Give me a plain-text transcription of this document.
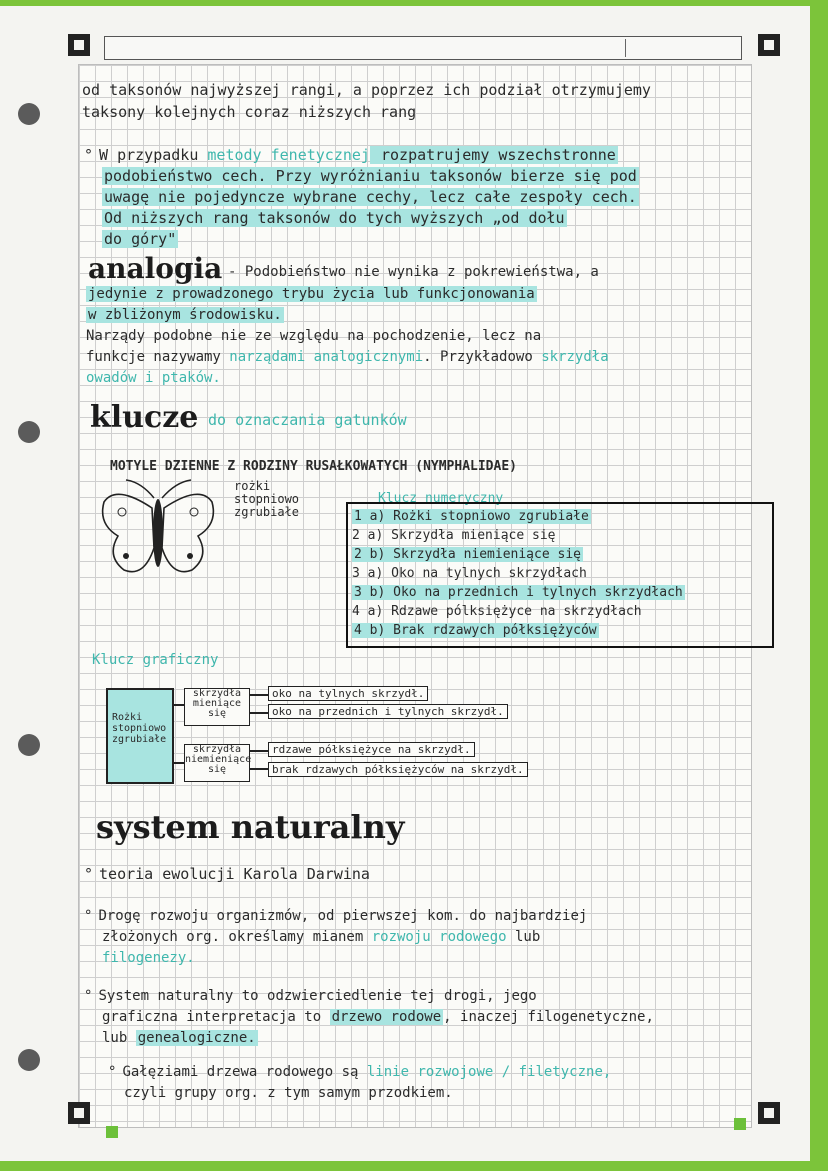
od taksonów najwyższej rangi, a poprzez ich podział otrzymujemy
taksony kolejnych coraz niższych rang
° W przypadku metody fenetycznej rozpatrujemy wszechstronne
podobieństwo cech. Przy wyróżnianiu taksonów bierze się pod
uwagę nie pojedyncze wybrane cechy, lecz całe zespoły cech.
Od niższych rang taksonów do tych wyższych „od dołu
do góry"
analogia - Podobieństwo nie wynika z pokrewieństwa, a
jedynie z prowadzonego trybu życia lub funkcjonowania
w zbliżonym środowisku.
Narządy podobne nie ze względu na pochodzenie, lecz na
funkcje nazywamy narządami analogicznymi. Przykładowo skrzydła
owadów i ptaków.
klucze do oznaczania gatunków
MOTYLE DZIENNE Z RODZINY RUSAŁKOWATYCH (NYMPHALIDAE)
rożki
stopniowo
zgrubiałe
Klucz numeryczny
1 a) Rożki stopniowo zgrubiałe
2 a) Skrzydła mieniące się
2 b) Skrzydła niemieniące się
3 a) Oko na tylnych skrzydłach
3 b) Oko na przednich i tylnych skrzydłach
4 a) Rdzawe pólksiężyce na skrzydłach
4 b) Brak rdzawych półksiężyców
Klucz graficzny
Rożki
stopniowo
zgrubiałe
skrzydła
mieniące
się
skrzydła
niemieniące
się
oko na tylnych skrzydł.
oko na przednich i tylnych skrzydł.
rdzawe półksiężyce na skrzydł.
brak rdzawych półksiężyców na skrzydł.
system naturalny
° teoria ewolucji Karola Darwina
° Drogę rozwoju organizmów, od pierwszej kom. do najbardziej
złożonych org. określamy mianem rozwoju rodowego lub
filogenezy.
° System naturalny to odzwierciedlenie tej drogi, jego
graficzna interpretacja to drzewo rodowe , inaczej filogenetyczne,
lub genealogiczne.
° Gałęziami drzewa rodowego są linie rozwojowe / filetyczne,
czyli grupy org. z tym samym przodkiem.
